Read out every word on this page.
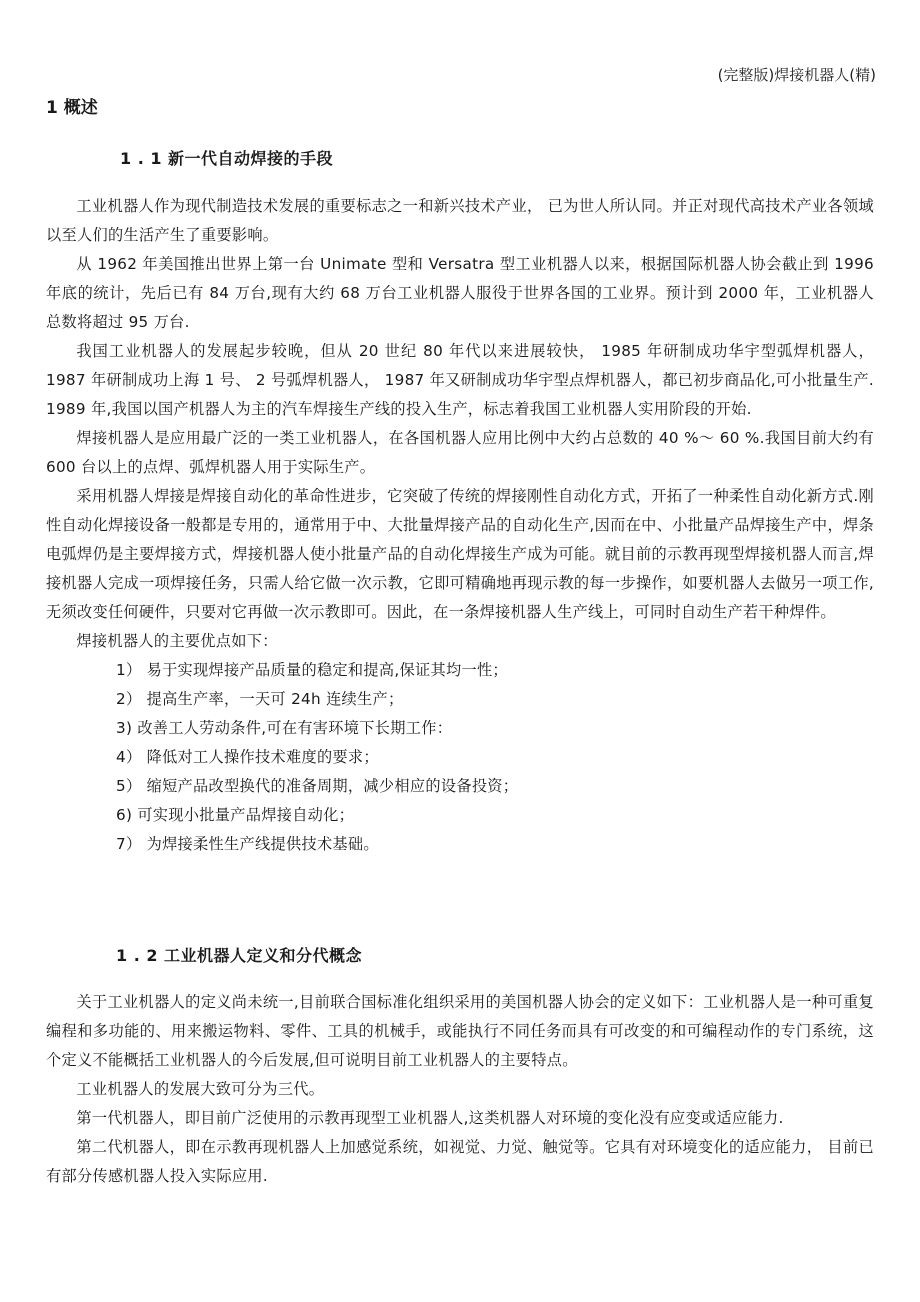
(完整版)焊接机器人(精)
1 概述
1 . 1 新一代自动焊接的手段

工业机器人作为现代制造技术发展的重要标志之一和新兴技术产业， 已为世人所认同。并正对现代高技术产业各领域以至人们的生活产生了重要影响。

从 1962 年美国推出世界上第一台 Unimate 型和 Versatra 型工业机器人以来，根据国际机器人协会截止到 1996 年底的统计，先后已有 84 万台,现有大约 68 万台工业机器人服役于世界各国的工业界。预计到 2000 年，工业机器人总数将超过 95 万台.

我国工业机器人的发展起步较晚，但从 20 世纪 80 年代以来进展较快， 1985 年研制成功华宇型弧焊机器人， 1987 年研制成功上海 1 号、 2 号弧焊机器人， 1987 年又研制成功华宇型点焊机器人，都已初步商品化,可小批量生产. 1989 年,我国以国产机器人为主的汽车焊接生产线的投入生产，标志着我国工业机器人实用阶段的开始.

焊接机器人是应用最广泛的一类工业机器人，在各国机器人应用比例中大约占总数的 40 %～ 60 %.我国目前大约有 600 台以上的点焊、弧焊机器人用于实际生产。

采用机器人焊接是焊接自动化的革命性进步，它突破了传统的焊接刚性自动化方式，开拓了一种柔性自动化新方式.刚性自动化焊接设备一般都是专用的，通常用于中、大批量焊接产品的自动化生产,因而在中、小批量产品焊接生产中，焊条电弧焊仍是主要焊接方式，焊接机器人使小批量产品的自动化焊接生产成为可能。就目前的示教再现型焊接机器人而言,焊接机器人完成一项焊接任务，只需人给它做一次示教，它即可精确地再现示教的每一步操作，如要机器人去做另一项工作,无须改变任何硬件，只要对它再做一次示教即可。因此，在一条焊接机器人生产线上，可同时自动生产若干种焊件。

焊接机器人的主要优点如下：

1） 易于实现焊接产品质量的稳定和提高,保证其均一性；
2） 提高生产率，一天可 24h 连续生产；
3) 改善工人劳动条件,可在有害环境下长期工作：
4） 降低对工人操作技术难度的要求；
5） 缩短产品改型换代的准备周期，减少相应的设备投资；
6) 可实现小批量产品焊接自动化；
7） 为焊接柔性生产线提供技术基础。
1 . 2 工业机器人定义和分代概念

关于工业机器人的定义尚未统一,目前联合国标准化组织采用的美国机器人协会的定义如下：工业机器人是一种可重复编程和多功能的、用来搬运物料、零件、工具的机械手，或能执行不同任务而具有可改变的和可编程动作的专门系统，这个定义不能概括工业机器人的今后发展,但可说明目前工业机器人的主要特点。

工业机器人的发展大致可分为三代。

第一代机器人，即目前广泛使用的示教再现型工业机器人,这类机器人对环境的变化没有应变或适应能力.

第二代机器人，即在示教再现机器人上加感觉系统，如视觉、力觉、触觉等。它具有对环境变化的适应能力， 目前已有部分传感机器人投入实际应用.
